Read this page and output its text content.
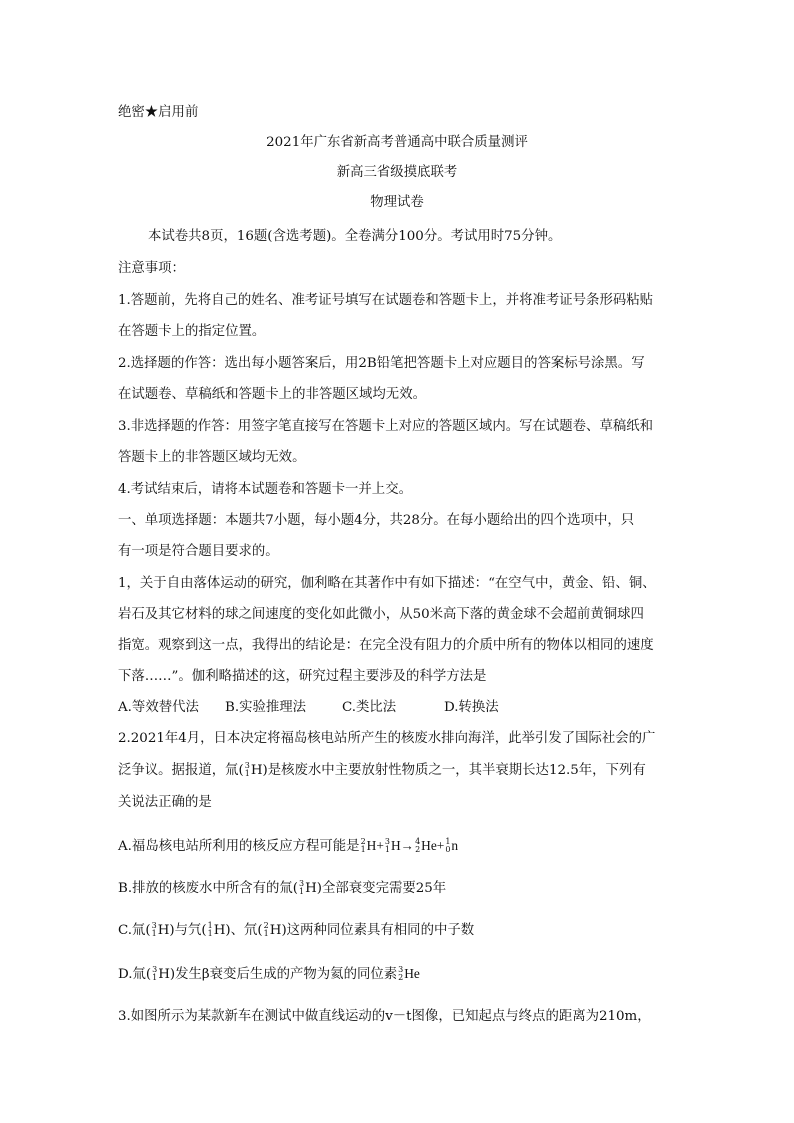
绝密★启用前
2021年广东省新高考普通高中联合质量测评
新高三省级摸底联考
物理试卷
本试卷共8页，16题(含选考题)。全卷满分100分。考试用时75分钟。
注意事项：
1.答题前，先将自己的姓名、准考证号填写在试题卷和答题卡上，并将准考证号条形码粘贴
在答题卡上的指定位置。
2.选择题的作答：选出每小题答案后，用2B铅笔把答题卡上对应题目的答案标号涂黑。写
在试题卷、草稿纸和答题卡上的非答题区域均无效。
3.非选择题的作答：用签字笔直接写在答题卡上对应的答题区域内。写在试题卷、草稿纸和
答题卡上的非答题区域均无效。
4.考试结束后，请将本试题卷和答题卡一并上交。
一、单项选择题：本题共7小题，每小题4分，共28分。在每小题给出的四个选项中，只
有一项是符合题目要求的。
1，关于自由落体运动的研究，伽利略在其著作中有如下描述：“在空气中，黄金、铅、铜、
岩石及其它材料的球之间速度的变化如此微小，从50米高下落的黄金球不会超前黄铜球四
指宽。观察到这一点，我得出的结论是：在完全没有阻力的介质中所有的物体以相同的速度
下落……”。伽利略描述的这，研究过程主要涉及的科学方法是
A.等效替代法 B.实验推理法	C.类比法	D.转换法
2.2021年4月，日本决定将福岛核电站所产生的核废水排向海洋，此举引发了国际社会的广
泛争议。据报道，氚( 3
1 H)是核废水中主要放射性物质之一，其半衰期长达12.5年，下列有
关说法正确的是
A.福岛核电站所利用的核反应方程可能是 2
1 H+ 3
1 H→ 4
2 He+ 1
0 n
B.排放的核废水中所含有的氚( 3
1 H)全部衰变完需要25年
C.氚( 3
1 H)与氕( 1
1 H)、氘( 2
1 H)这两种同位素具有相同的中子数
D.氚( 3
1 H)发生β衰变后生成的产物为氦的同位素 3
2 He
3.如图所示为某款新车在测试中做直线运动的v－t图像，已知起点与终点的距离为210m，
